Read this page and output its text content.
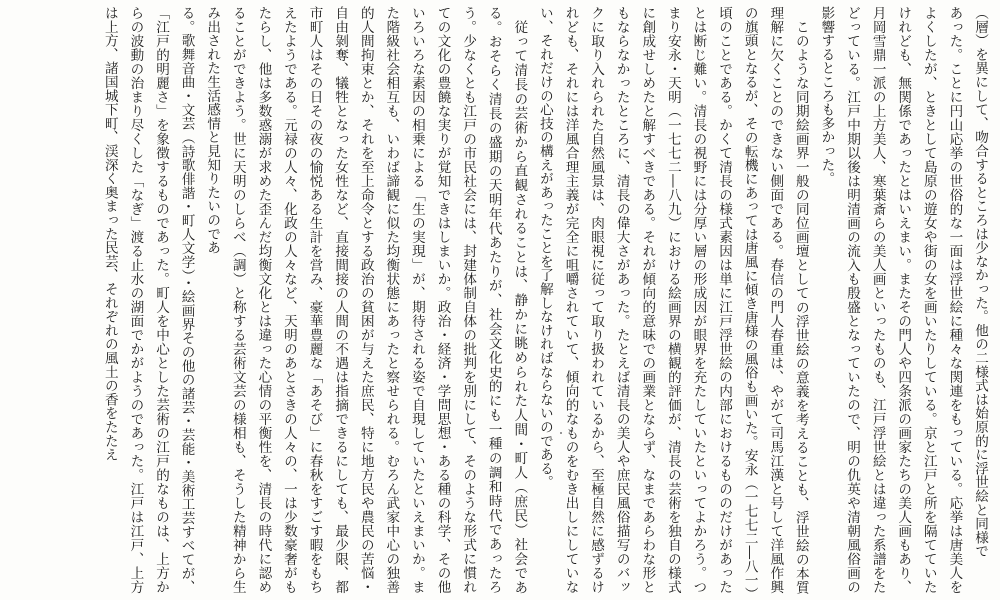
（層）を異にして、吻合するところは少なかった。他の二様式は始原的に浮世絵と同様で

あった。ことに円山応挙の世俗的な一面は浮世絵に種々な関連をもっている。応挙は唐美人をよくしたが、ときとして島原の遊女や街の女を画いたりしている。京と江戸と所を隔てていたけれども、無関係であったとはいえまい。またその門人や四条派の画家たちの美人画もあり、月岡雪鼎一派の上方美人、寒葉斎らの美人画といったものも、江戸浮世絵とは違った系譜をたどっている。江戸中期以後は明清画の流入も殷盛となっていたので、明の仇英や清朝風俗画の影響するところも多かった。

このような同期絵画界一般の同位画壇としての浮世絵の意義を考えることも、浮世絵の本質理解に欠くことのできない側面である。春信の門人春重は、やがて司馬江漢と号して洋風作興の旗頭となるが、その転機にあっては唐風に傾き唐様の風俗も画いた。安永（一七七二―八一）頃のことである。かくて清長の様式素因は単に江戸浮世絵の内部におけるもののだけがあったとは断じ難い。清長の視野には分厚い層の形成因が眼界を充たしていたといってよかろう。つまり安永・天明（一七七二―八九）における絵画界の横観的評価が、清長の芸術を独自の様式に創成せしめたと解すべきである。それが傾向的意味での画業とならず、なまであらわな形ともならなかったところに、清長の偉大さがあった。たとえば清長の美人や庶民風俗描写のバックに取り入れられた自然風景は、肉眼視に従って取り扱われているから、至極自然に感ずるけれども、それには洋風合理主義が完全に咀嚼されていて、傾向的なものをむき出しにしていない、それだけの心技の構えがあったことを了解しなければならないのである。

従って清長の芸術から直観されることは、静かに眺められた人間・町人（庶民）社会である。おそらく清長の盛期の天明年代あたりが、社会文化史的にも一種の調和時代であったろう。少なくとも江戸の市民社会には、封建体制自体の批判を別にして、そのような形式に慣れての文化の豊饒な実りが覚知できはしまいか。政治・経済・学問思想・ある種の科学、その他いろいろな素因の相乗による「生の実現」が、期待される姿で自現していたといえまいか。また階級社会相互も、いわば諦観に似た均衡状態にあったと察せられる。むろん武家中心の独善的人間拘束とか、それを至上命令とする政治の貧困が与えた庶民、特に地方民や農民の苦悩・自由剝奪、犠牲となった女性など、直接間接の人間の不遇は指摘できるにしても、最少限、都市町人はその日その夜の愉悦ある生計を営み、豪華豊麗な「あそび」に春秋をすごす暇をもちえたようである。元禄の人々、化政の人々など、天明のあとさきの人々の、一は少数豪奢がもたらし、他は多数惑溺が求めた歪んだ均衡文化とは違った心情の平衡性を、清長の時代に認めることができよう。世に天明のしらべ（調）と称する芸術文芸の様相も、そうした精神から生み出された生活感情と見知りたいのであ

る。歌舞音曲・文芸（詩歌俳諧・町人文学）・絵画界その他の諸芸・芸能・美術工芸すべてが、「江戸的明麗さ」を象徴するものであった。町人を中心とした芸術の江戸的なものは、上方からの波動の治まり尽くした「なぎ」渡る止水の湖面でかがようのであった。江戸は江戸、上方は上方、諸国城下町、渓深く奥まった民芸、それぞれの風土の香をたたえ
